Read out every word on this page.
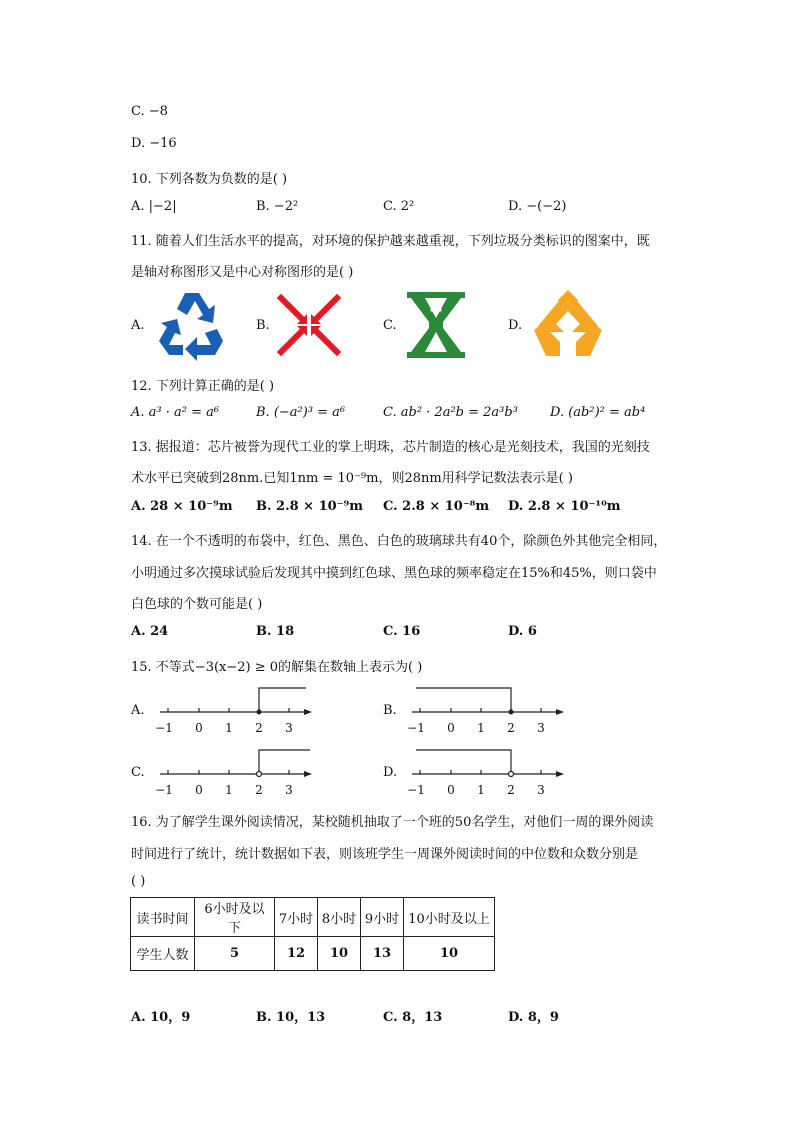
C. −8
D. −16
10. 下列各数为负数的是( )
A. |−2|	B. −2²	C. 2²	D. −(−2)
11. 随着人们生活水平的提高，对环境的保护越来越重视，下列垃圾分类标识的图案中，既
是轴对称图形又是中心对称图形的是( )
A.	B.	C.	D.
12. 下列计算正确的是( )
A. a³ · a² = a⁶	B. (−a²)³ = a⁶	C. ab² · 2a²b = 2a³b³ D. (ab²)² = ab⁴
13. 据报道：芯片被誉为现代工业的掌上明珠，芯片制造的核心是光刻技术，我国的光刻技
术水平已突破到28nm.已知1nm = 10⁻⁹m，则28nm用科学记数法表示是( )
A. 28 × 10⁻⁹m B. 2.8 × 10⁻⁹m C. 2.8 × 10⁻⁸m D. 2.8 × 10⁻¹⁰m
14. 在一个不透明的布袋中，红色、黑色、白色的玻璃球共有40个，除颜色外其他完全相同，
小明通过多次摸球试验后发现其中摸到红色球、黑色球的频率稳定在15%和45%，则口袋中
白色球的个数可能是( )
A. 24	B. 18	C. 16	D. 6
15. 不等式−3(x−2) ≥ 0的解集在数轴上表示为( )
A.	B.
C.	D.
−1 0 1 2 3	−1 0 1 2 3
−1 0 1 2 3	−1 0 1 2 3
16. 为了解学生课外阅读情况，某校随机抽取了一个班的50名学生，对他们一周的课外阅读
时间进行了统计，统计数据如下表，则该班学生一周课外阅读时间的中位数和众数分别是
( )
读书时间	6小时及以下	7小时	8小时	9小时	10小时及以上
学生人数	5	12	10	13	10
A. 10，9	B. 10，13	C. 8，13	D. 8，9
